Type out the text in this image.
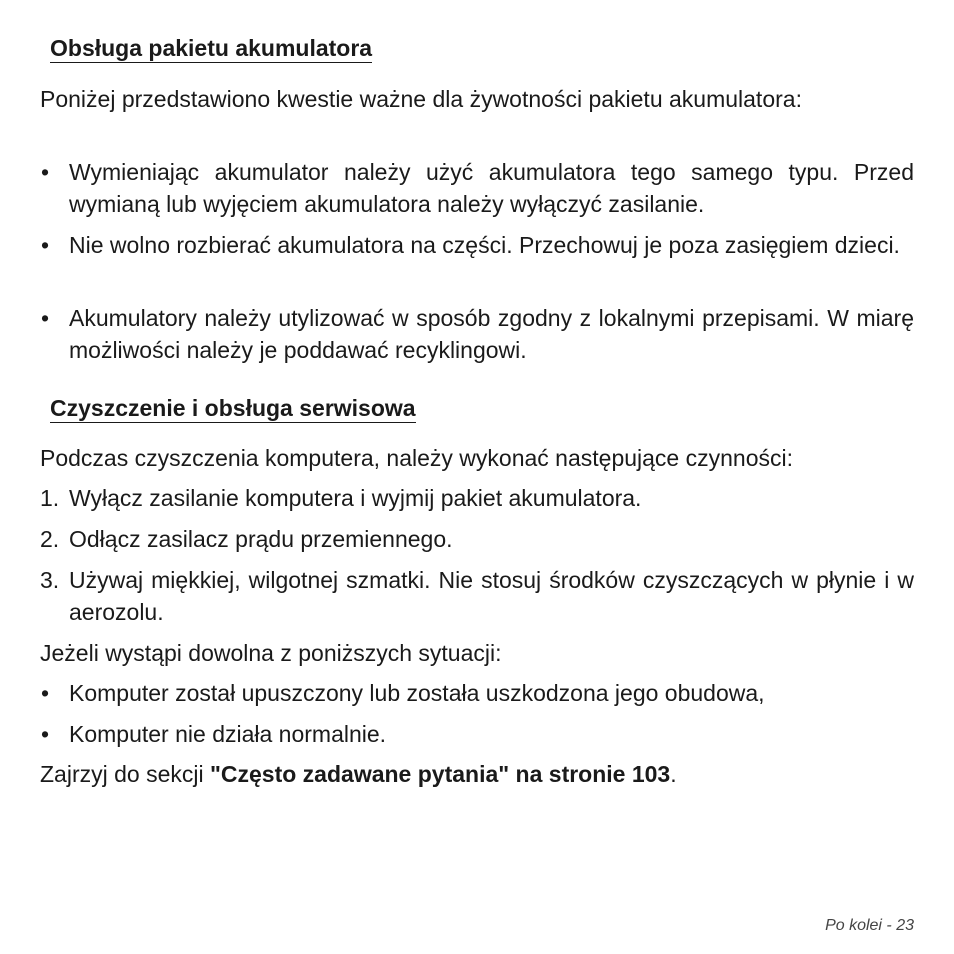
Obsługa pakietu akumulatora
Poniżej przedstawiono kwestie ważne dla żywotności pakietu akumulatora:
• Wymieniając akumulator należy użyć akumulatora tego samego typu. Przed wymianą lub wyjęciem akumulatora należy wyłączyć zasilanie.
• Nie wolno rozbierać akumulatora na części. Przechowuj je poza zasięgiem dzieci.
• Akumulatory należy utylizować w sposób zgodny z lokalnymi przepisami. W miarę możliwości należy je poddawać recyklingowi.
Czyszczenie i obsługa serwisowa
Podczas czyszczenia komputera, należy wykonać następujące czynności:
1. Wyłącz zasilanie komputera i wyjmij pakiet akumulatora.
2. Odłącz zasilacz prądu przemiennego.
3. Używaj miękkiej, wilgotnej szmatki. Nie stosuj środków czyszczących w płynie i w aerozolu.
Jeżeli wystąpi dowolna z poniższych sytuacji:
• Komputer został upuszczony lub została uszkodzona jego obudowa,
• Komputer nie działa normalnie.
Zajrzyj do sekcji "Często zadawane pytania" na stronie 103.
Po kolei - 23
